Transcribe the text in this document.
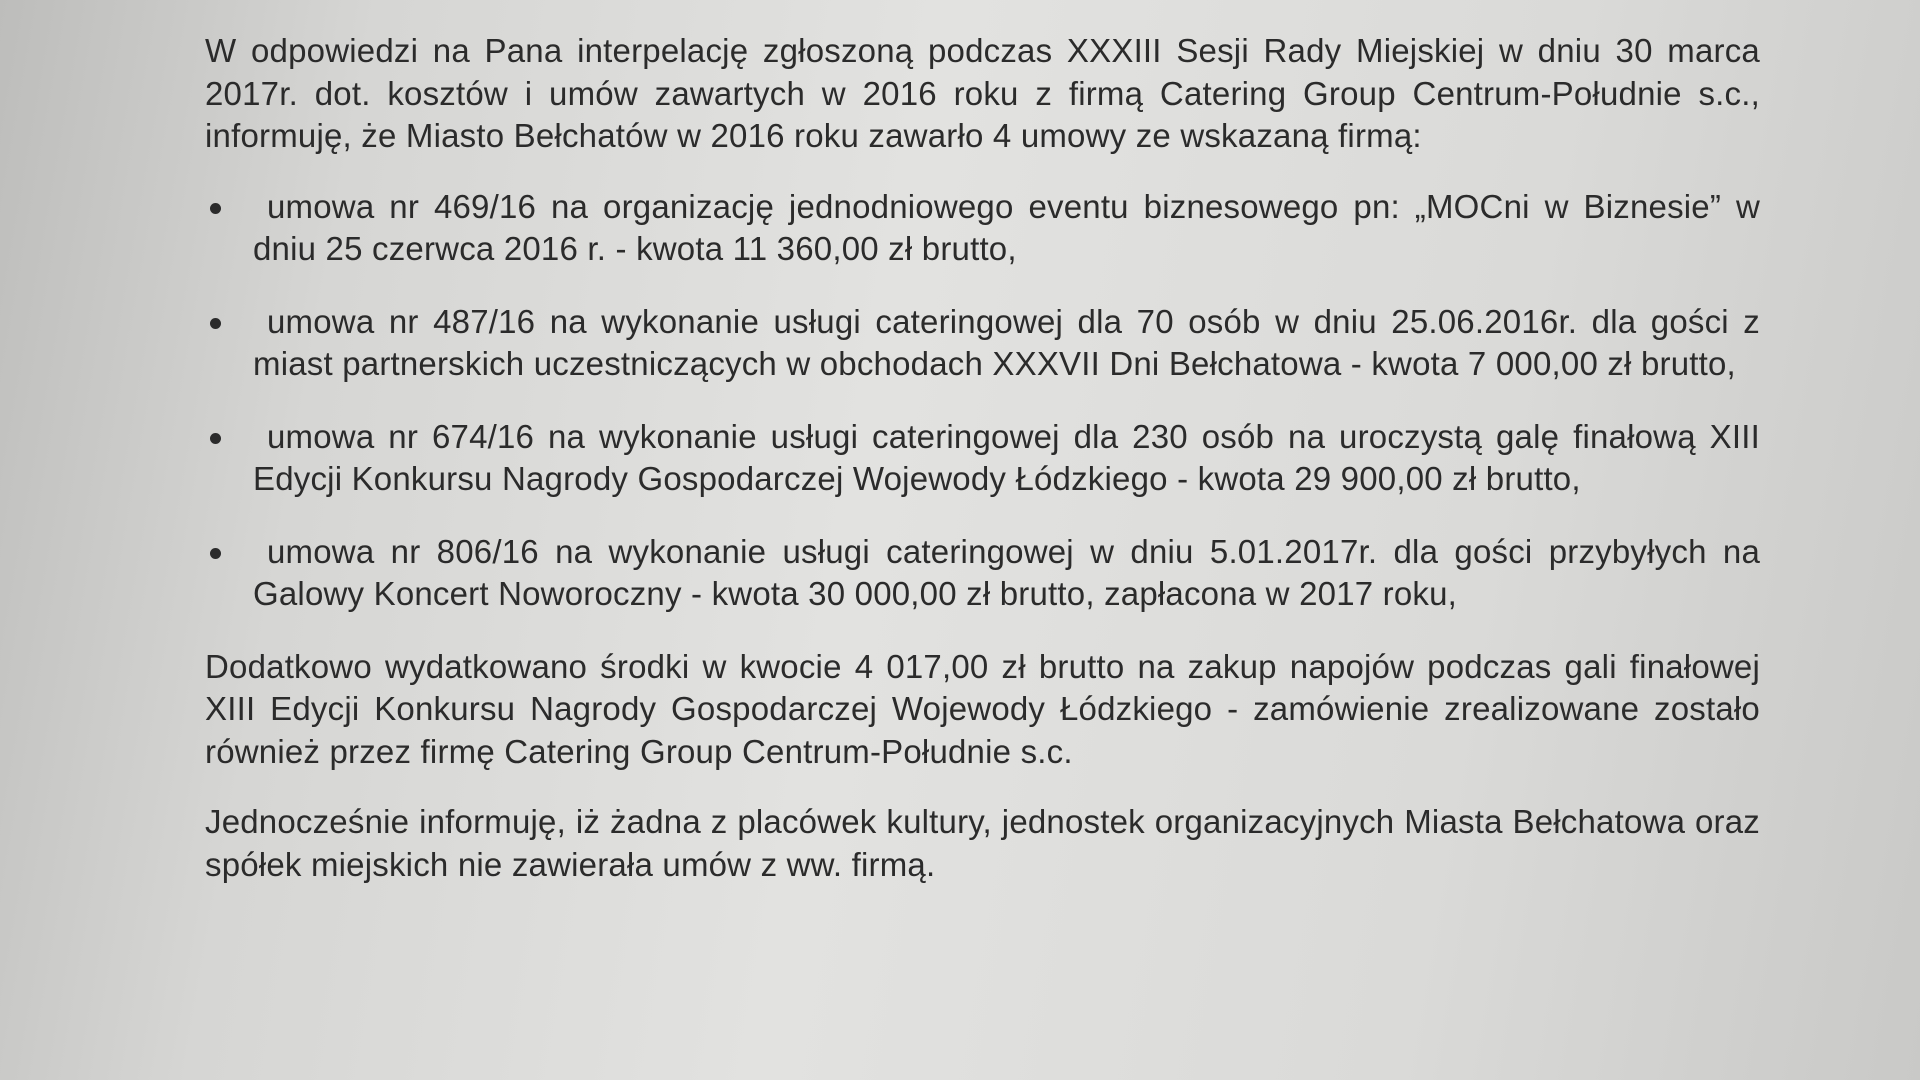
W odpowiedzi na Pana interpelację zgłoszoną podczas XXXIII Sesji Rady Miejskiej w dniu 30 marca 2017r. dot. kosztów i umów zawartych w 2016 roku z firmą Catering Group Centrum-Południe s.c., informuję, że Miasto Bełchatów w 2016 roku zawarło 4 umowy ze wskazaną firmą:

umowa nr 469/16 na organizację jednodniowego eventu biznesowego pn: „MOCni w Biznesie” w dniu 25 czerwca 2016 r. - kwota 11 360,00 zł brutto,
umowa nr 487/16 na wykonanie usługi cateringowej dla 70 osób w dniu 25.06.2016r. dla gości z miast partnerskich uczestniczących w obchodach XXXVII Dni Bełchatowa - kwota 7 000,00 zł brutto,
umowa nr 674/16 na wykonanie usługi cateringowej dla 230 osób na uroczystą galę finałową XIII Edycji Konkursu Nagrody Gospodarczej Wojewody Łódzkiego - kwota 29 900,00 zł brutto,
umowa nr 806/16 na wykonanie usługi cateringowej w dniu 5.01.2017r. dla gości przybyłych na Galowy Koncert Noworoczny - kwota 30 000,00 zł brutto, zapłacona w 2017 roku,

Dodatkowo wydatkowano środki w kwocie 4 017,00 zł brutto na zakup napojów podczas gali finałowej XIII Edycji Konkursu Nagrody Gospodarczej Wojewody Łódzkiego - zamówienie zrealizowane zostało również przez firmę Catering Group Centrum-Południe s.c.

Jednocześnie informuję, iż żadna z placówek kultury, jednostek organizacyjnych Miasta Bełchatowa oraz spółek miejskich nie zawierała umów z ww. firmą.
